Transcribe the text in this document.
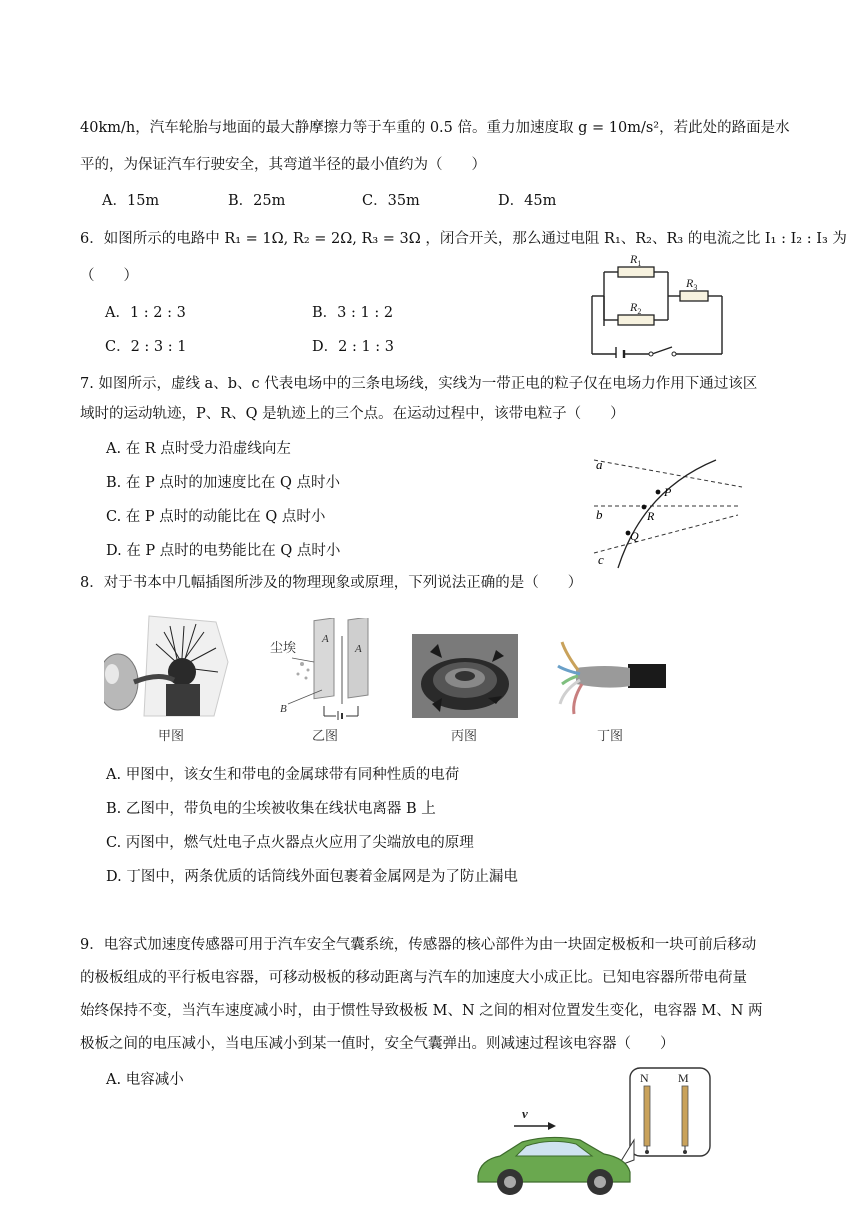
40km/h，汽车轮胎与地面的最大静摩擦力等于车重的 0.5 倍。重力加速度取 g = 10m/s²，若此处的路面是水
平的，为保证汽车行驶安全，其弯道半径的最小值约为（　　）
A．15m	B．25m	C．35m	D．45m
6．如图所示的电路中 R₁ = 1Ω, R₂ = 2Ω, R₃ = 3Ω ，闭合开关，那么通过电阻 R₁、R₂、R₃ 的电流之比 I₁ : I₂ : I₃ 为
（　　）
A．1 : 2 : 3	B．3 : 1 : 2
C．2 : 3 : 1	D．2 : 1 : 3
$R_1$
$R_2$
$R_3$
7. 如图所示，虚线 a、b、c 代表电场中的三条电场线，实线为一带正电的粒子仅在电场力作用下通过该区
域时的运动轨迹，P、R、Q 是轨迹上的三个点。在运动过程中，该带电粒子（　　）
A. 在 R 点时受力沿虚线向左
B. 在 P 点时的加速度比在 Q 点时小
C. 在 P 点时的动能比在 Q 点时小
D. 在 P 点时的电势能比在 Q 点时小
a
b
c
P
R
Q
8．对于书本中几幅插图所涉及的物理现象或原理，下列说法正确的是（　　）
甲图
尘埃
A
A
B
乙图	丙图	丁图
A. 甲图中，该女生和带电的金属球带有同种性质的电荷
B. 乙图中，带负电的尘埃被收集在线状电离器 B 上
C. 丙图中，燃气灶电子点火器点火应用了尖端放电的原理
D. 丁图中，两条优质的话筒线外面包裹着金属网是为了防止漏电
9．电容式加速度传感器可用于汽车安全气囊系统，传感器的核心部件为由一块固定极板和一块可前后移动
的极板组成的平行板电容器，可移动极板的移动距离与汽车的加速度大小成正比。已知电容器所带电荷量
始终保持不变，当汽车速度减小时，由于惯性导致极板 M、N 之间的相对位置发生变化，电容器 M、N 两
极板之间的电压减小，当电压减小到某一值时，安全气囊弹出。则减速过程该电容器（　　）
A. 电容减小	N M
v
